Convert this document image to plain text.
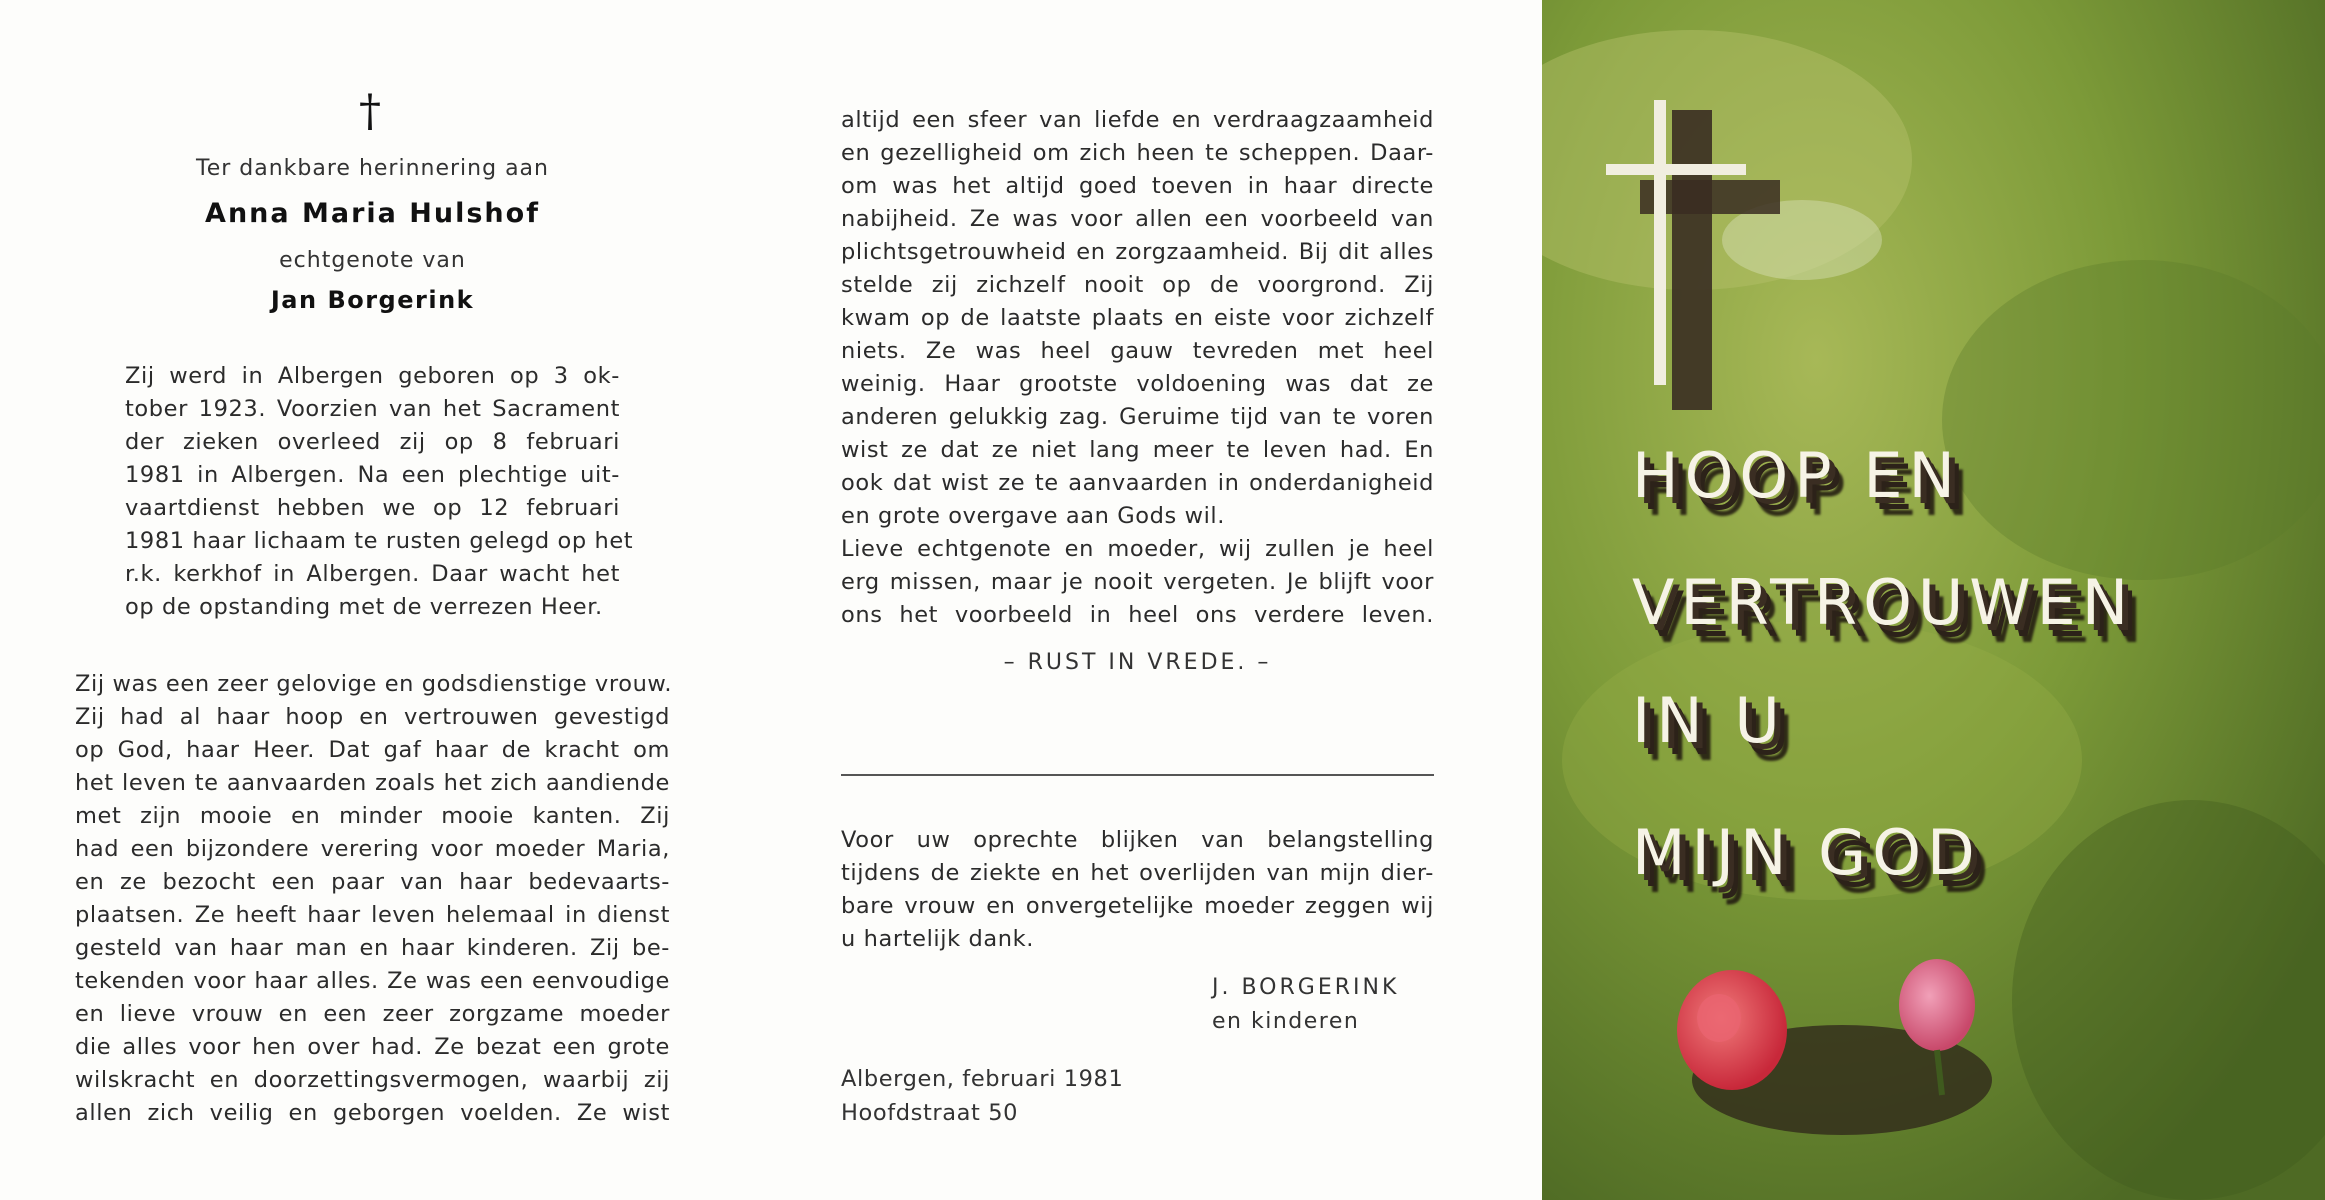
†
Ter dankbare herinnering aan
Anna Maria Hulshof
echtgenote van
Jan Borgerink
Zij werd in Albergen geboren op 3 ok-
tober 1923. Voorzien van het Sacrament
der zieken overleed zij op 8 februari
1981 in Albergen. Na een plechtige uit-
vaartdienst hebben we op 12 februari
1981 haar lichaam te rusten gelegd op het
r.k. kerkhof in Albergen. Daar wacht het
op de opstanding met de verrezen Heer.
Zij was een zeer gelovige en godsdienstige vrouw.
Zij had al haar hoop en vertrouwen gevestigd
op God, haar Heer. Dat gaf haar de kracht om
het leven te aanvaarden zoals het zich aandiende
met zijn mooie en minder mooie kanten. Zij
had een bijzondere verering voor moeder Maria,
en ze bezocht een paar van haar bedevaarts-
plaatsen. Ze heeft haar leven helemaal in dienst
gesteld van haar man en haar kinderen. Zij be-
tekenden voor haar alles. Ze was een eenvoudige
en lieve vrouw en een zeer zorgzame moeder
die alles voor hen over had. Ze bezat een grote
wilskracht en doorzettingsvermogen, waarbij zij
allen zich veilig en geborgen voelden. Ze wist
altijd een sfeer van liefde en verdraagzaamheid
en gezelligheid om zich heen te scheppen. Daar-
om was het altijd goed toeven in haar directe
nabijheid. Ze was voor allen een voorbeeld van
plichtsgetrouwheid en zorgzaamheid. Bij dit alles
stelde zij zichzelf nooit op de voorgrond. Zij
kwam op de laatste plaats en eiste voor zichzelf
niets. Ze was heel gauw tevreden met heel
weinig. Haar grootste voldoening was dat ze
anderen gelukkig zag. Geruime tijd van te voren
wist ze dat ze niet lang meer te leven had. En
ook dat wist ze te aanvaarden in onderdanigheid
en grote overgave aan Gods wil.
Lieve echtgenote en moeder, wij zullen je heel
erg missen, maar je nooit vergeten. Je blijft voor
ons het voorbeeld in heel ons verdere leven.
– RUST IN VREDE. –
Voor uw oprechte blijken van belangstelling
tijdens de ziekte en het overlijden van mijn dier-
bare vrouw en onvergetelijke moeder zeggen wij
u hartelijk dank.
J. BORGERINK
en kinderen
Albergen, februari 1981
Hoofdstraat 50
HOOP EN
VERTROUWEN
IN U
MIJN GOD
